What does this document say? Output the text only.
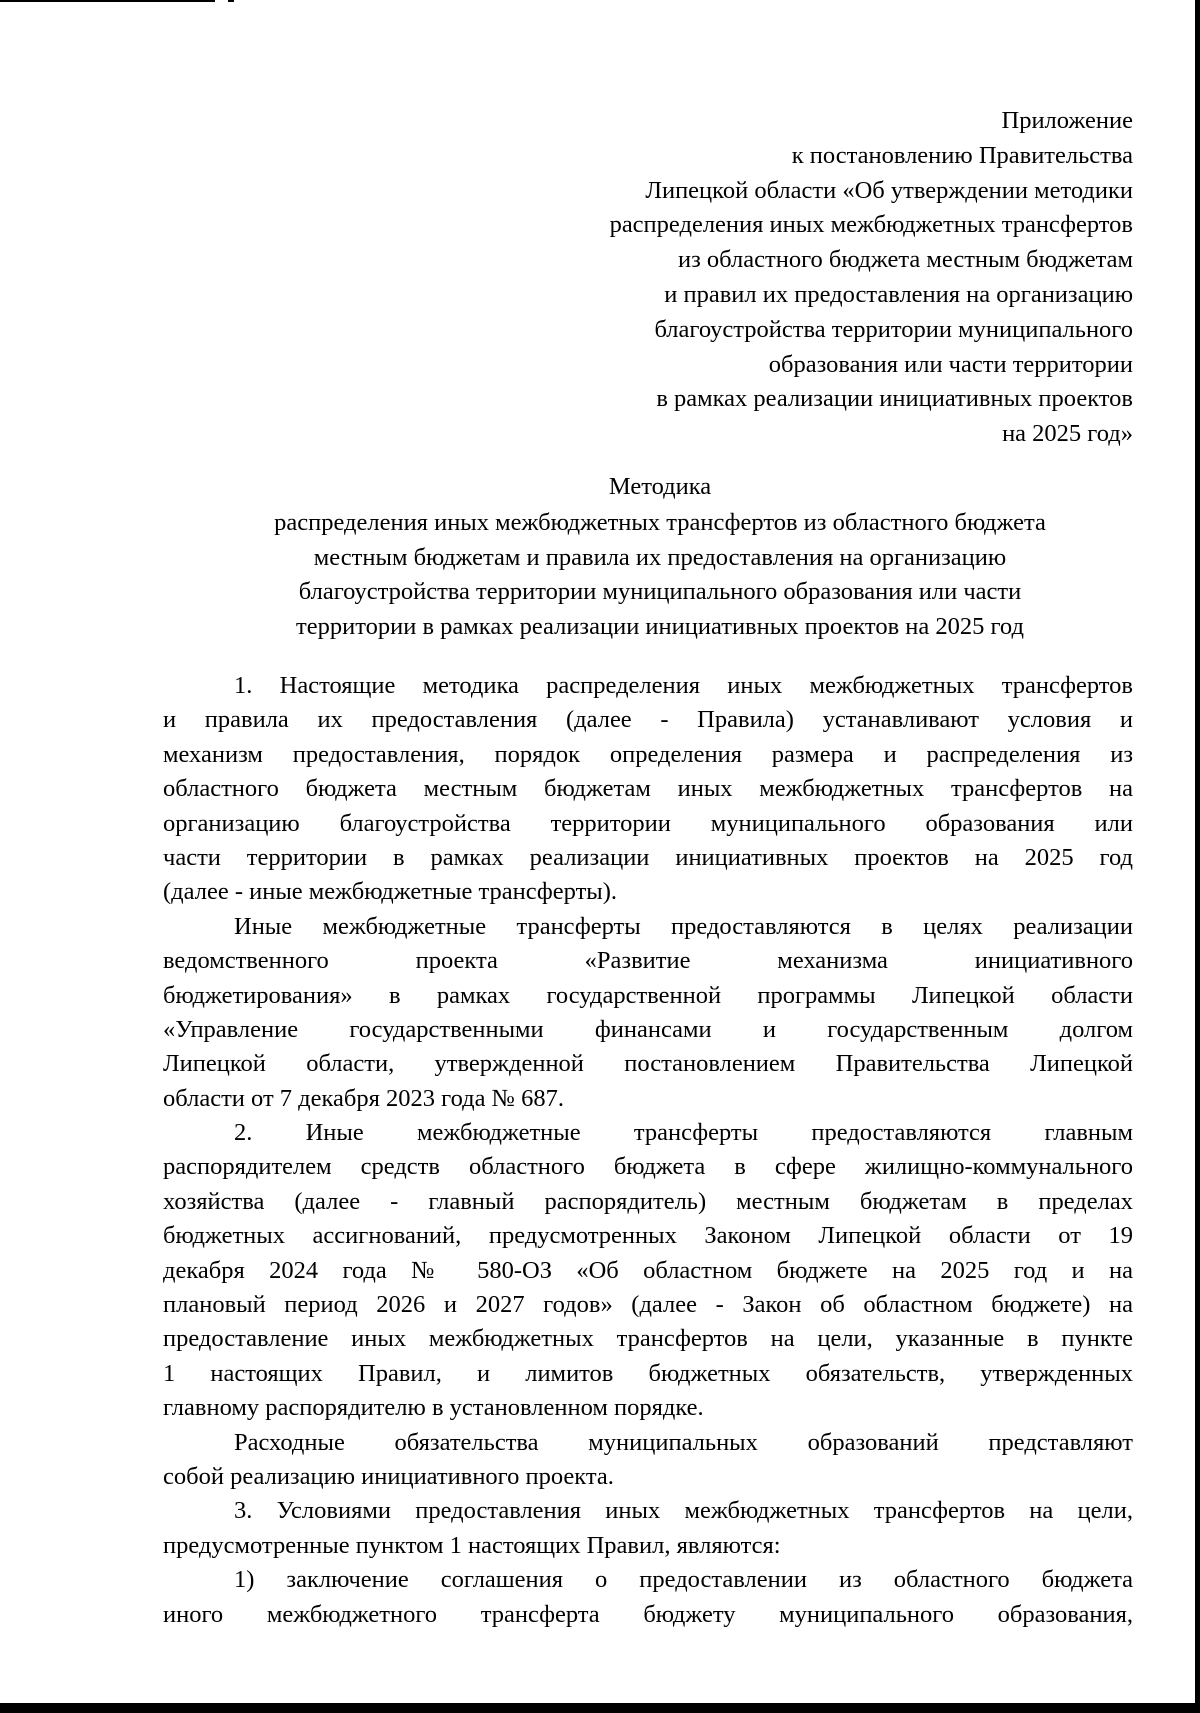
Приложение
к постановлению Правительства
Липецкой области «Об утверждении методики
распределения иных межбюджетных трансфертов
из областного бюджета местным бюджетам
и правил их предоставления на организацию
благоустройства территории муниципального
образования или части территории
в рамках реализации инициативных проектов
на 2025 год»
Методика
распределения иных межбюджетных трансфертов из областного бюджета
местным бюджетам и правила их предоставления на организацию
благоустройства территории муниципального образования или части
территории в рамках реализации инициативных проектов на 2025 год
1. Настоящие методика распределения иных межбюджетных трансфертов
и правила их предоставления (далее - Правила) устанавливают условия и
механизм предоставления, порядок определения размера и распределения из
областного бюджета местным бюджетам иных межбюджетных трансфертов на
организацию благоустройства территории муниципального образования или
части территории в рамках реализации инициативных проектов на 2025 год
(далее - иные межбюджетные трансферты).
Иные межбюджетные трансферты предоставляются в целях реализации
ведомственного проекта «Развитие механизма инициативного
бюджетирования» в рамках государственной программы Липецкой области
«Управление государственными финансами и государственным долгом
Липецкой области, утвержденной постановлением Правительства Липецкой
области от 7 декабря 2023 года № 687.
2. Иные межбюджетные трансферты предоставляются главным
распорядителем средств областного бюджета в сфере жилищно-коммунального
хозяйства (далее - главный распорядитель) местным бюджетам в пределах
бюджетных ассигнований, предусмотренных Законом Липецкой области от 19
декабря 2024 года № 580-ОЗ «Об областном бюджете на 2025 год и на
плановый период 2026 и 2027 годов» (далее - Закон об областном бюджете) на
предоставление иных межбюджетных трансфертов на цели, указанные в пункте
1 настоящих Правил, и лимитов бюджетных обязательств, утвержденных
главному распорядителю в установленном порядке.
Расходные обязательства муниципальных образований представляют
собой реализацию инициативного проекта.
3. Условиями предоставления иных межбюджетных трансфертов на цели,
предусмотренные пунктом 1 настоящих Правил, являются:
1) заключение соглашения о предоставлении из областного бюджета
иного межбюджетного трансферта бюджету муниципального образования,
